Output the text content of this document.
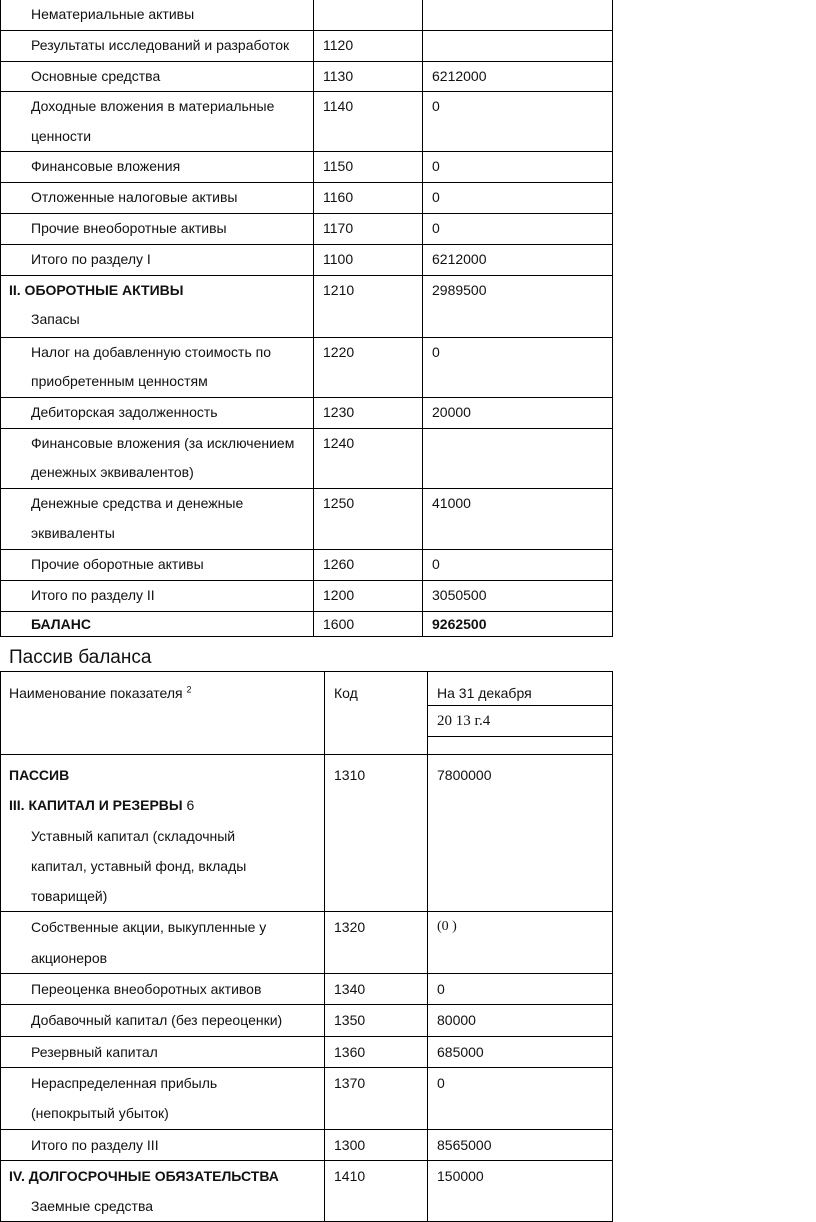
Нематериальные активы		
Результаты исследований и разработок	1120	
Основные средства	1130	6212000
Доходные вложения в материальные ценности	1140	0
Финансовые вложения	1150	0
Отложенные налоговые активы	1160	0
Прочие внеоборотные активы	1170	0
Итого по разделу I	1100	6212000
II. ОБОРОТНЫЕ АКТИВЫ
Запасы	1210	2989500
Налог на добавленную стоимость по приобретенным ценностям	1220	0
Дебиторская задолженность	1230	20000
Финансовые вложения (за исключением денежных эквивалентов)	1240	
Денежные средства и денежные эквиваленты	1250	41000
Прочие оборотные активы	1260	0
Итого по разделу II	1200	3050500
БАЛАНС	1600	9262500
Пассив баланса
Наименование показателя $^2$	Код	На 31 декабря
20 13 г.4

ПАССИВ
III. КАПИТАЛ И РЕЗЕРВЫ 6
Уставный капитал (складочный капитал, уставный фонд, вклады товарищей)	1310	7800000
Собственные акции, выкупленные у акционеров	1320	(0 )
Переоценка внеоборотных активов	1340	0
Добавочный капитал (без переоценки)	1350	80000
Резервный капитал	1360	685000
Нераспределенная прибыль (непокрытый убыток)	1370	0
Итого по разделу III	1300	8565000
IV. ДОЛГОСРОЧНЫЕ ОБЯЗАТЕЛЬСТВА
Заемные средства	1410	150000
